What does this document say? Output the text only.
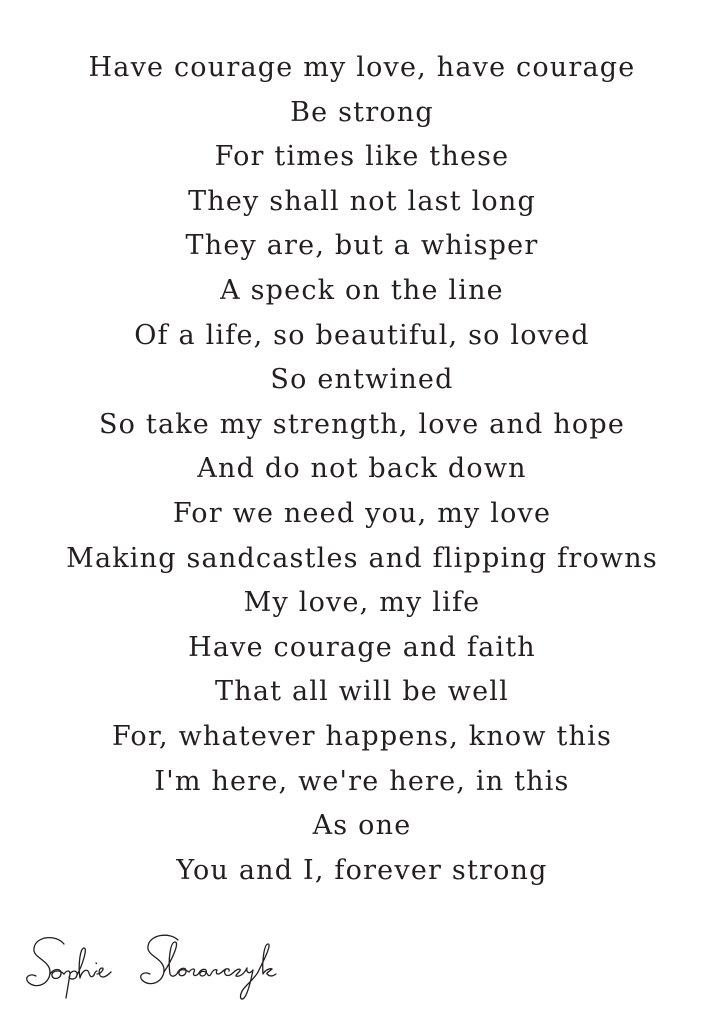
Have courage my love, have courage
Be strong
For times like these
They shall not last long
They are, but a whisper
A speck on the line
Of a life, so beautiful, so loved
So entwined
So take my strength, love and hope
And do not back down
For we need you, my love
Making sandcastles and flipping frowns
My love, my life
Have courage and faith
That all will be well
For, whatever happens, know this
I'm here, we're here, in this
As one
You and I, forever strong
